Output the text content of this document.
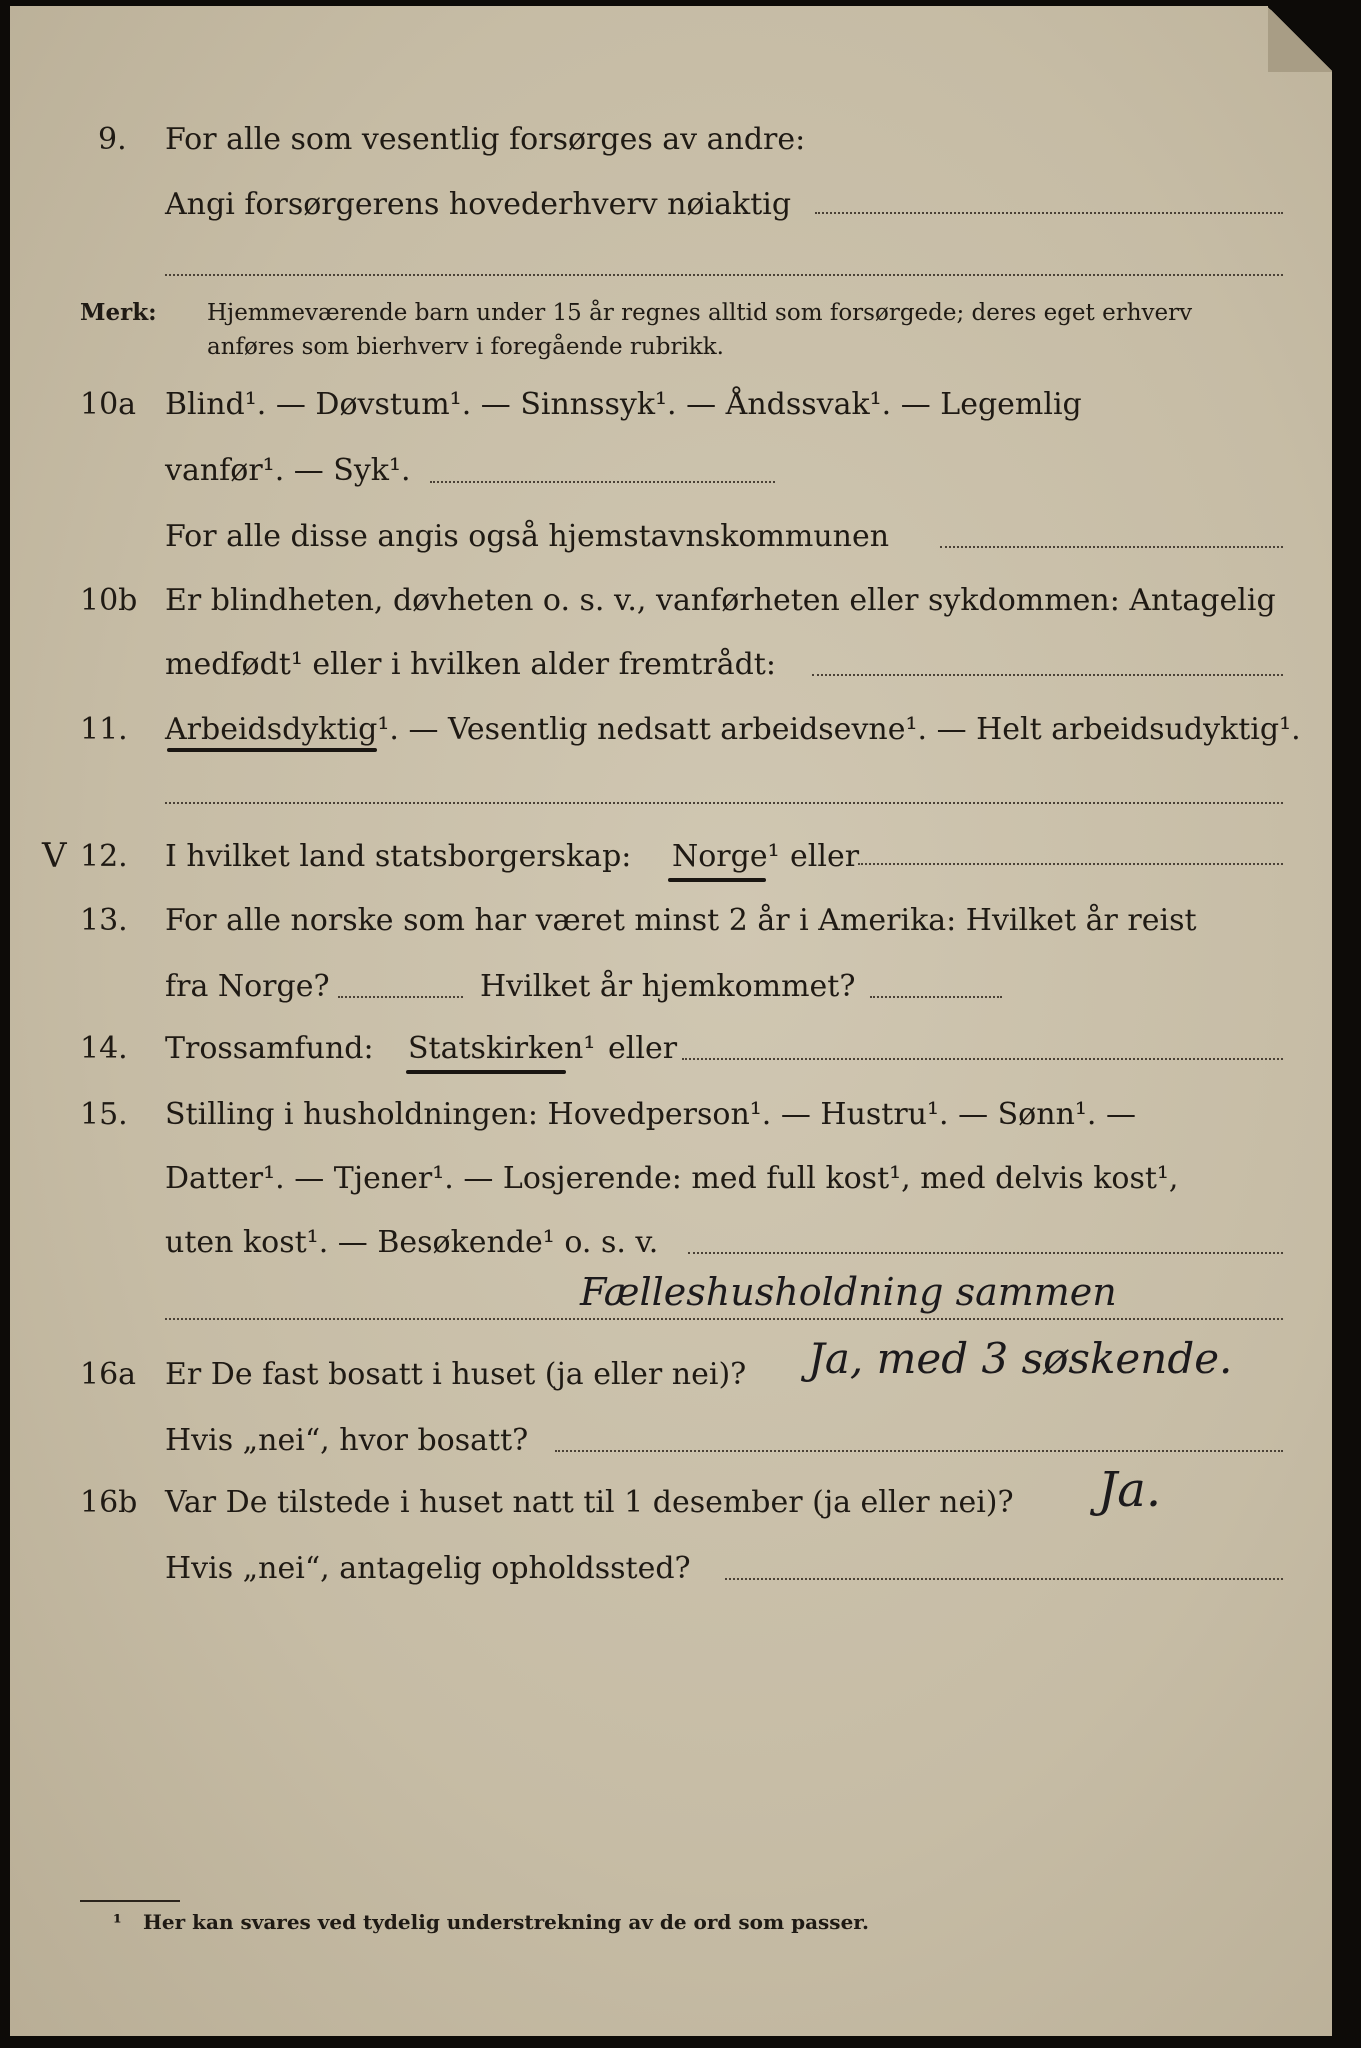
9.	For alle som vesentlig forsørges av andre:
Angi forsørgerens hovederhverv nøiaktig
Merk: Hjemmeværende barn under 15 år regnes alltid som forsørgede; deres eget erhverv
anføres som bierhverv i foregående rubrikk.
10a Blind¹. — Døvstum¹. — Sinnssyk¹. — Åndssvak¹. — Legemlig
vanfør¹. — Syk¹.
For alle disse angis også hjemstavnskommunen
10b Er blindheten, døvheten o. s. v., vanførheten eller sykdommen: Antagelig
medfødt¹ eller i hvilken alder fremtrådt:
11.	Arbeidsdyktig¹. — Vesentlig nedsatt arbeidsevne¹. — Helt arbeidsudyktig¹.
V 12.	I hvilket land statsborgerskap: Norge¹ eller
13.	For alle norske som har været minst 2 år i Amerika: Hvilket år reist
fra Norge?	Hvilket år hjemkommet?
14.	Trossamfund: Statskirken¹ eller
15.	Stilling i husholdningen: Hovedperson¹. — Hustru¹. — Sønn¹. —
Datter¹. — Tjener¹. — Losjerende: med full kost¹, med delvis kost¹,
uten kost¹. — Besøkende¹ o. s. v.
Fælleshusholdning sammen
16a Er De fast bosatt i huset (ja eller nei)? Ja, med 3 søskende.
Hvis „nei“, hvor bosatt?
16b Var De tilstede i huset natt til 1 desember (ja eller nei)? Ja.
Hvis „nei“, antagelig opholdssted?
¹ Her kan svares ved tydelig understrekning av de ord som passer.
